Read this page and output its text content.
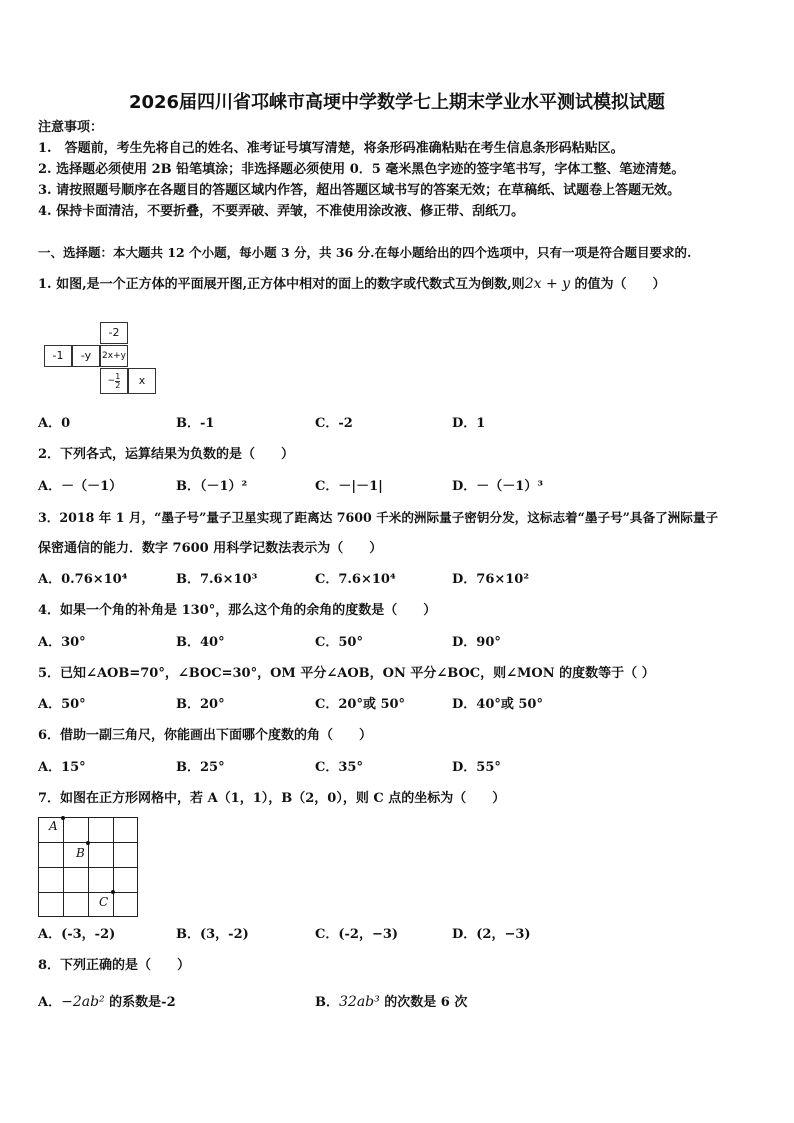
2026届四川省邛崃市高埂中学数学七上期末学业水平测试模拟试题
注意事项：
1.　答题前，考生先将自己的姓名、准考证号填写清楚，将条形码准确粘贴在考生信息条形码粘贴区。
2. 选择题必须使用 2B 铅笔填涂；非选择题必须使用 0．5 毫米黑色字迹的签字笔书写，字体工整、笔迹清楚。
3. 请按照题号顺序在各题目的答题区域内作答，超出答题区域书写的答案无效；在草稿纸、试题卷上答题无效。
4. 保持卡面清洁，不要折叠，不要弄破、弄皱，不准使用涂改液、修正带、刮纸刀。
一、选择题：本大题共 12 个小题，每小题 3 分，共 36 分.在每小题给出的四个选项中，只有一项是符合题目要求的.
1. 如图,是一个正方体的平面展开图,正方体中相对的面上的数字或代数式互为倒数,则2x + y 的值为（　　）
-2
-1	-y	2x+y
− $\frac{1}{2}$	x
A．0	B．-1	C．-2	D．1
2．下列各式，运算结果为负数的是（　　）
A．－（－1）	B．（－1）²	C．－|－1|	D．－（－1）³
3．2018 年 1 月，“墨子号”量子卫星实现了距离达 7600 千米的洲际量子密钥分发，这标志着“墨子号”具备了洲际量子
保密通信的能力．数字 7600 用科学记数法表示为（　　）
A．0.76×10⁴	B．7.6×10³	C．7.6×10⁴	D．76×10²
4．如果一个角的补角是 130°，那么这个角的余角的度数是（　　）
A．30°	B．40°	C．50°	D．90°
5．已知∠AOB=70°，∠BOC=30°，OM 平分∠AOB，ON 平分∠BOC，则∠MON 的度数等于（ ）
A．50°	B．20°	C．20°或 50°	D．40°或 50°
6．借助一副三角尺，你能画出下面哪个度数的角（　　）
A．15°	B．25°	C．35°	D．55°
7．如图在正方形网格中，若 A（1，1），B（2，0），则 C 点的坐标为（　　）
A
B
C
A．(-3，-2)	B．(3，-2)	C．(-2，−3)	D．(2，−3)
8．下列正确的是（　　）
A．−2ab² 的系数是-2	B．32ab³ 的次数是 6 次
